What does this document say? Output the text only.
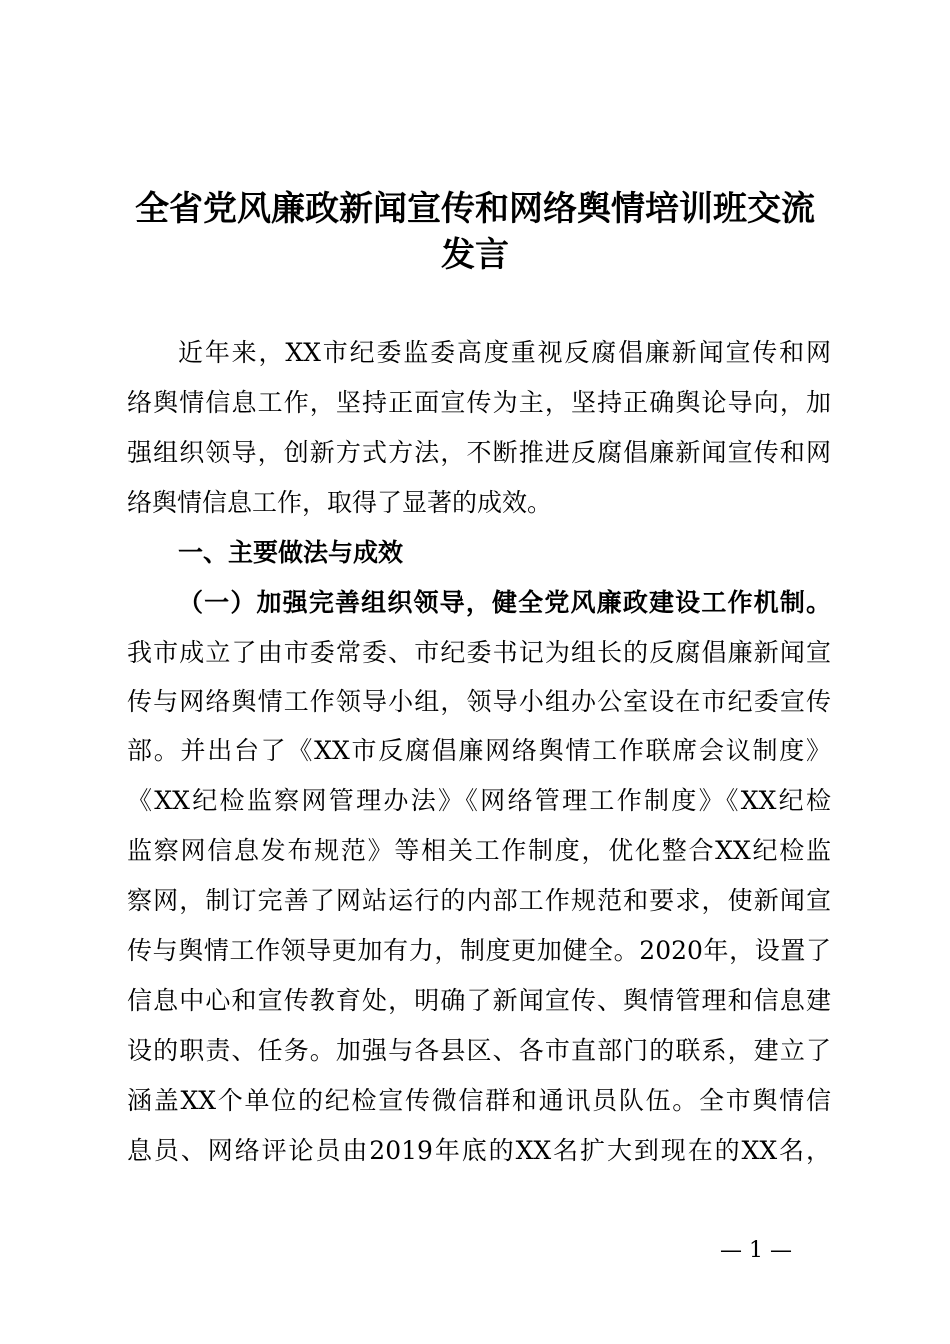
全省党风廉政新闻宣传和网络舆情培训班交流
发言
近年来，XX市纪委监委高度重视反腐倡廉新闻宣传和网
络舆情信息工作，坚持正面宣传为主，坚持正确舆论导向，加
强组织领导，创新方式方法，不断推进反腐倡廉新闻宣传和网
络舆情信息工作，取得了显著的成效。
一、主要做法与成效
（一）加强完善组织领导，健全党风廉政建设工作机制。
我市成立了由市委常委、市纪委书记为组长的反腐倡廉新闻宣
传与网络舆情工作领导小组，领导小组办公室设在市纪委宣传
部。并出台了《XX市反腐倡廉网络舆情工作联席会议制度》
《XX纪检监察网管理办法》《网络管理工作制度》《XX纪检
监察网信息发布规范》等相关工作制度，优化整合XX纪检监
察网，制订完善了网站运行的内部工作规范和要求，使新闻宣
传与舆情工作领导更加有力，制度更加健全。2020年，设置了
信息中心和宣传教育处，明确了新闻宣传、舆情管理和信息建
设的职责、任务。加强与各县区、各市直部门的联系，建立了
涵盖XX个单位的纪检宣传微信群和通讯员队伍。全市舆情信
息员、网络评论员由2019年底的XX名扩大到现在的XX名，
— 1 —
